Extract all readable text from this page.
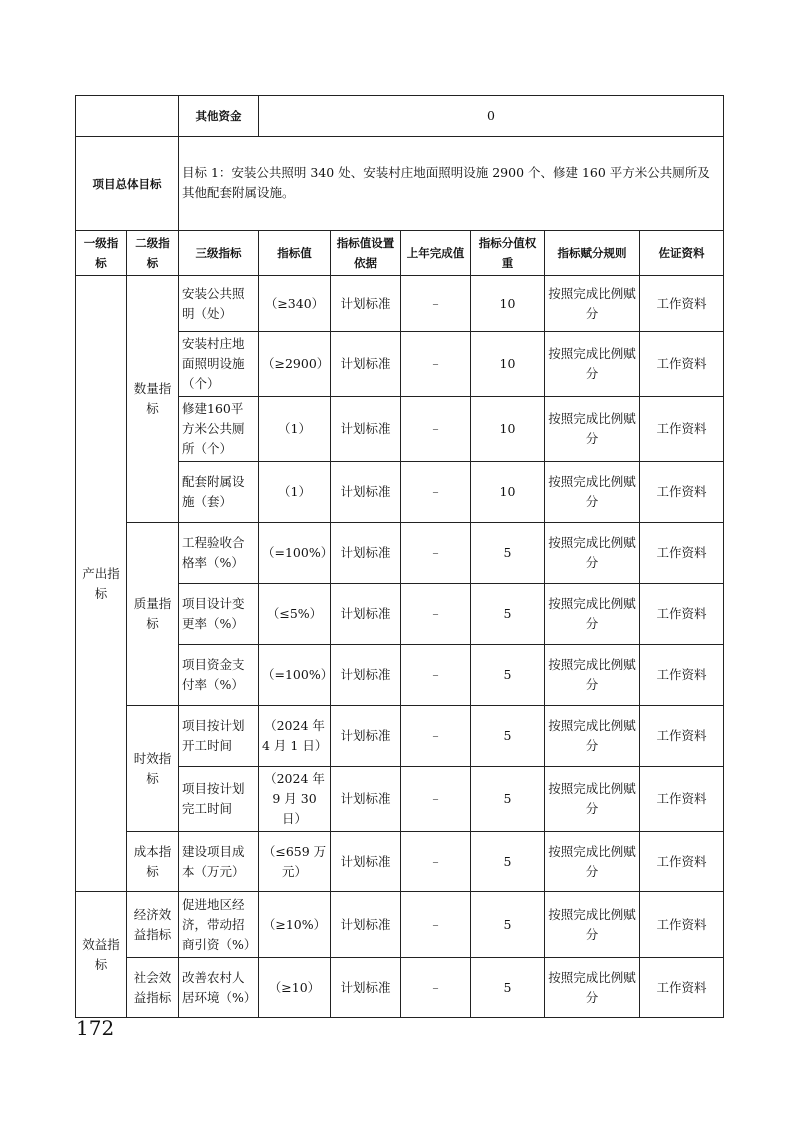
		其他资金	0					
项目总体目标		目标 1：安装公共照明 340 处、安装村庄地面照明设施 2900 个、修建 160 平方米公共厕所及其他配套附属设施。						
一级指标	二级指标	三级指标	指标值	指标值设置依据	上年完成值	指标分值权重	指标赋分规则	佐证资料
产出指标	数量指标	安装公共照明（处）	（≥340）	计划标准	–	10	按照完成比例赋分	工作资料
		安装村庄地面照明设施（个）	（≥2900）	计划标准	–	10	按照完成比例赋分	工作资料
		修建160平方米公共厕所（个）	（1）	计划标准	–	10	按照完成比例赋分	工作资料
		配套附属设施（套）	（1）	计划标准	–	10	按照完成比例赋分	工作资料
	质量指标	工程验收合格率（%）	（=100%）	计划标准	–	5	按照完成比例赋分	工作资料
		项目设计变更率（%）	（≤5%）	计划标准	–	5	按照完成比例赋分	工作资料
		项目资金支付率（%）	（=100%）	计划标准	–	5	按照完成比例赋分	工作资料
	时效指标	项目按计划开工时间	（2024 年 4 月 1 日）	计划标准	–	5	按照完成比例赋分	工作资料
		项目按计划完工时间	（2024 年 9 月 30 日）	计划标准	–	5	按照完成比例赋分	工作资料
	成本指标	建设项目成本（万元）	（≤659 万元）	计划标准	–	5	按照完成比例赋分	工作资料
效益指标	经济效益指标	促进地区经济，带动招商引资（%）	（≥10%）	计划标准	–	5	按照完成比例赋分	工作资料
	社会效益指标	改善农村人居环境（%）	（≥10）	计划标准	–	5	按照完成比例赋分	工作资料
172
